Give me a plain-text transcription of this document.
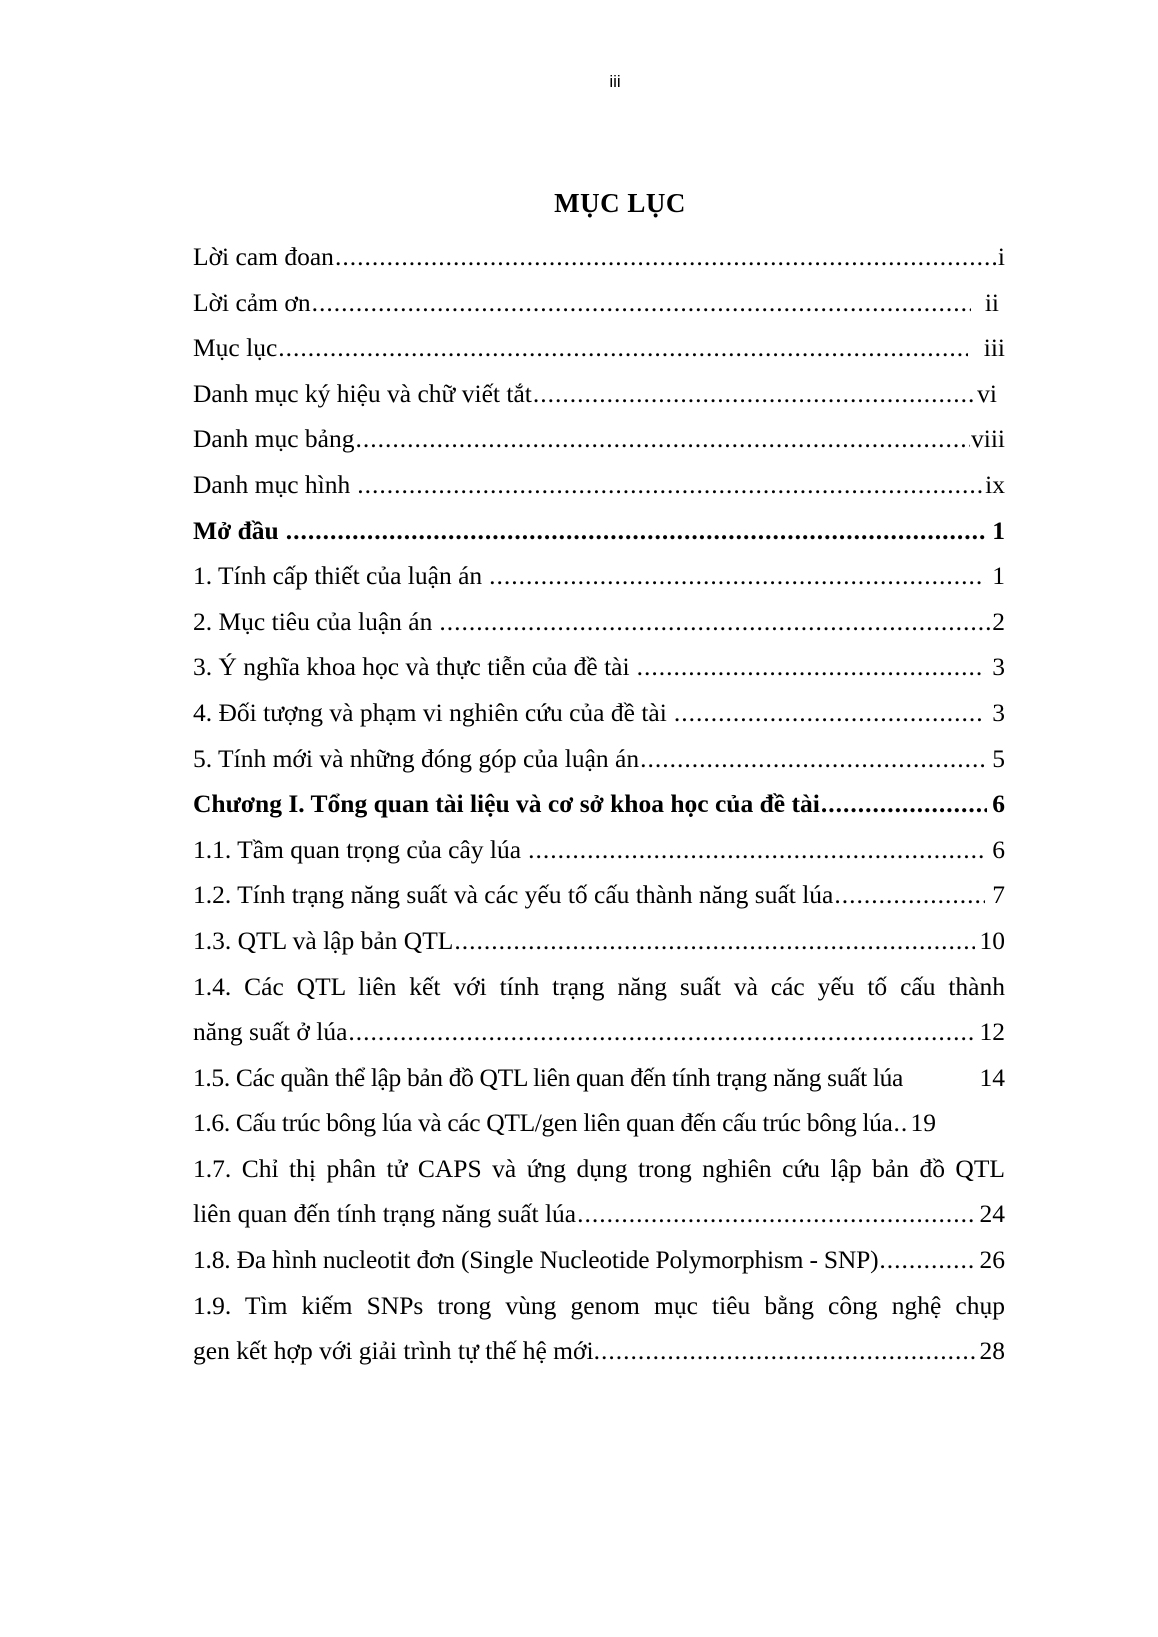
iii
MỤC LỤC
Lời cam đoan .....	i
Lời cảm ơn .....	ii
Mục lục .....	iii
Danh mục ký hiệu và chữ viết tắt .....	vi
Danh mục bảng .....	viii
Danh mục hình .....	ix
Mở đầu .....	1
1. Tính cấp thiết của luận án .....	1
2. Mục tiêu của luận án .....	2
3. Ý nghĩa khoa học và thực tiễn của đề tài .....	3
4. Đối tượng và phạm vi nghiên cứu của đề tài .....	3
5. Tính mới và những đóng góp của luận án .....	5
Chương I. Tổng quan tài liệu và cơ sở khoa học của đề tài .....	6
1.1. Tầm quan trọng của cây lúa .....	6
1.2. Tính trạng năng suất và các yếu tố cấu thành năng suất lúa .....	7
1.3. QTL và lập bản QTL .....	10
1.4. Các QTL liên kết với tính trạng năng suất và các yếu tố cấu thành
năng suất ở lúa .....	12
1.5. Các quần thể lập bản đồ QTL liên quan đến tính trạng năng suất lúa	14
1.6. Cấu trúc bông lúa và các QTL/gen liên quan đến cấu trúc bông lúa ..... 19
1.7. Chỉ thị phân tử CAPS và ứng dụng trong nghiên cứu lập bản đồ QTL
liên quan đến tính trạng năng suất lúa .....	24
1.8. Đa hình nucleotit đơn (Single Nucleotide Polymorphism - SNP) .....	26
1.9. Tìm kiếm SNPs trong vùng genom mục tiêu bằng công nghệ chụp
gen kết hợp với giải trình tự thế hệ mới. .....	28
